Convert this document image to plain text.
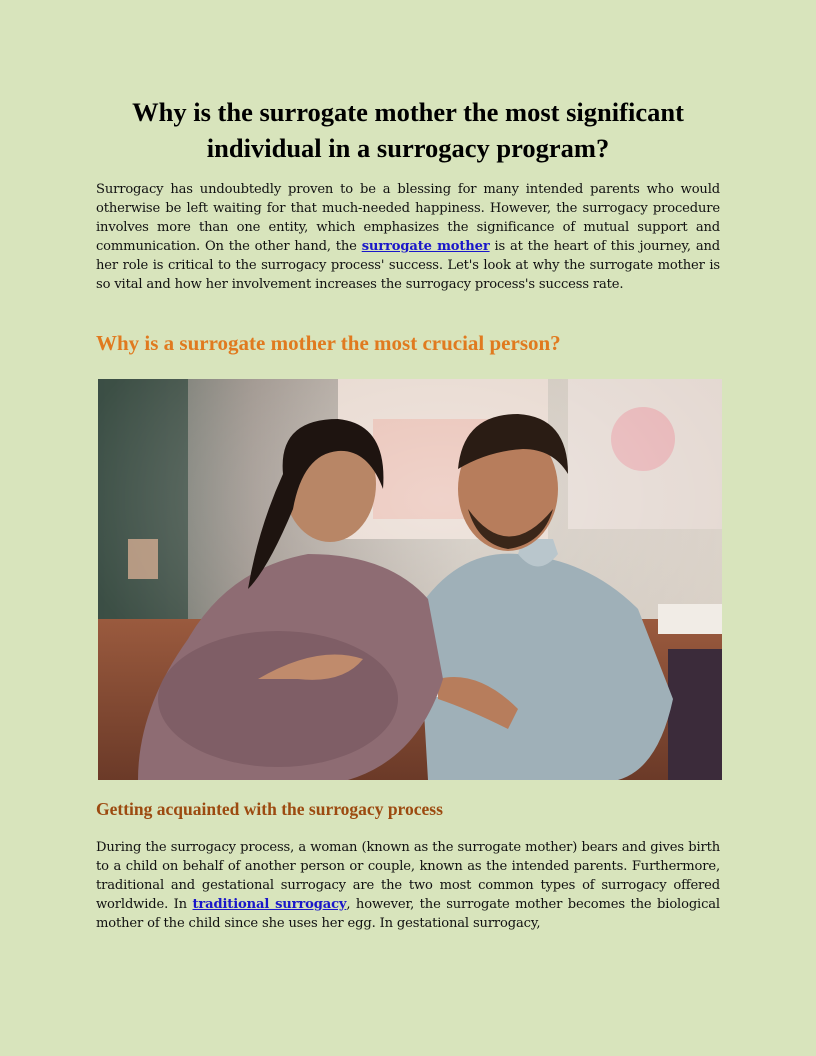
Why is the surrogate mother the most significant individual in a surrogacy program?

Surrogacy has undoubtedly proven to be a blessing for many intended parents who would otherwise be left waiting for that much-needed happiness. However, the surrogacy procedure involves more than one entity, which emphasizes the significance of mutual support and communication. On the other hand, the surrogate mother is at the heart of this journey, and her role is critical to the surrogacy process' success. Let's look at why the surrogate mother is so vital and how her involvement increases the surrogacy process's success rate.

Why is a surrogate mother the most crucial person?
Getting acquainted with the surrogacy process

During the surrogacy process, a woman (known as the surrogate mother) bears and gives birth to a child on behalf of another person or couple, known as the intended parents. Furthermore, traditional and gestational surrogacy are the two most common types of surrogacy offered worldwide. In traditional surrogacy, however, the surrogate mother becomes the biological mother of the child since she uses her egg. In gestational surrogacy,
